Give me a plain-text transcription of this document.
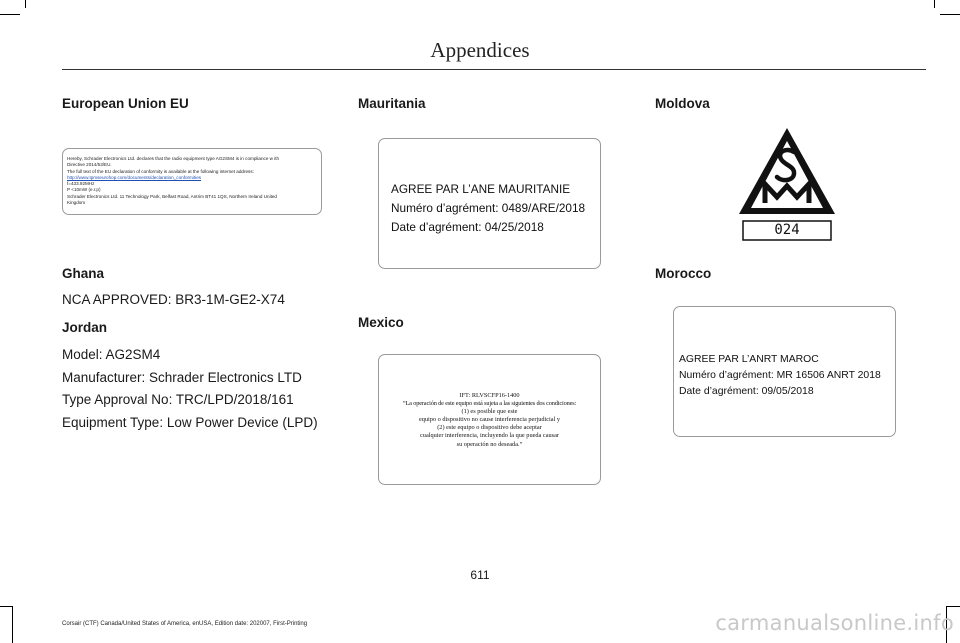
Appendices
European Union EU
Hereby, Schrader Electronics Ltd. declares that the radio equipment type AG2SM4 is in compliance w ith
Directive 2014/53/EU.
The full text of the EU declaration of conformity is available at the following internet address:
http://www.tpmseurohop.com/documents/declaration_conformities
f=433.92MHz
P <10mW (e.r.p)
Schrader Electronics Ltd. 11 Technology Park, Belfast Road, Antrim BT41 1QS, Northern Ireland United
Kingdom
Ghana
NCA APPROVED: BR3-1M-GE2-X74
Jordan
Model: AG2SM4
Manufacturer: Schrader Electronics LTD
Type Approval No: TRC/LPD/2018/161
Equipment Type: Low Power Device (LPD)
Mauritania
AGREE PAR L’ANE MAURITANIE
Numéro d’agrément: 0489/ARE/2018
Date d’agrément: 04/25/2018
Mexico
IFT: RLVSCFP16-1400
“La operación de este equipo está sujeta a las siguientes dos condiciones:
(1) es posible que este
equipo o dispositivo no cause interferencia perjudicial y
(2) este equipo o dispositivo debe aceptar
cualquier interferencia, incluyendo la que pueda causar
su operación no deseada.”
Moldova
024
Morocco
AGREE PAR L’ANRT MAROC
Numéro d’agrément: MR 16506 ANRT 2018
Date d’agrément: 09/05/2018
611
Corsair (CTF) Canada/United States of America, enUSA, Edition date: 202007, First-Printing	carmanualsonline.info
